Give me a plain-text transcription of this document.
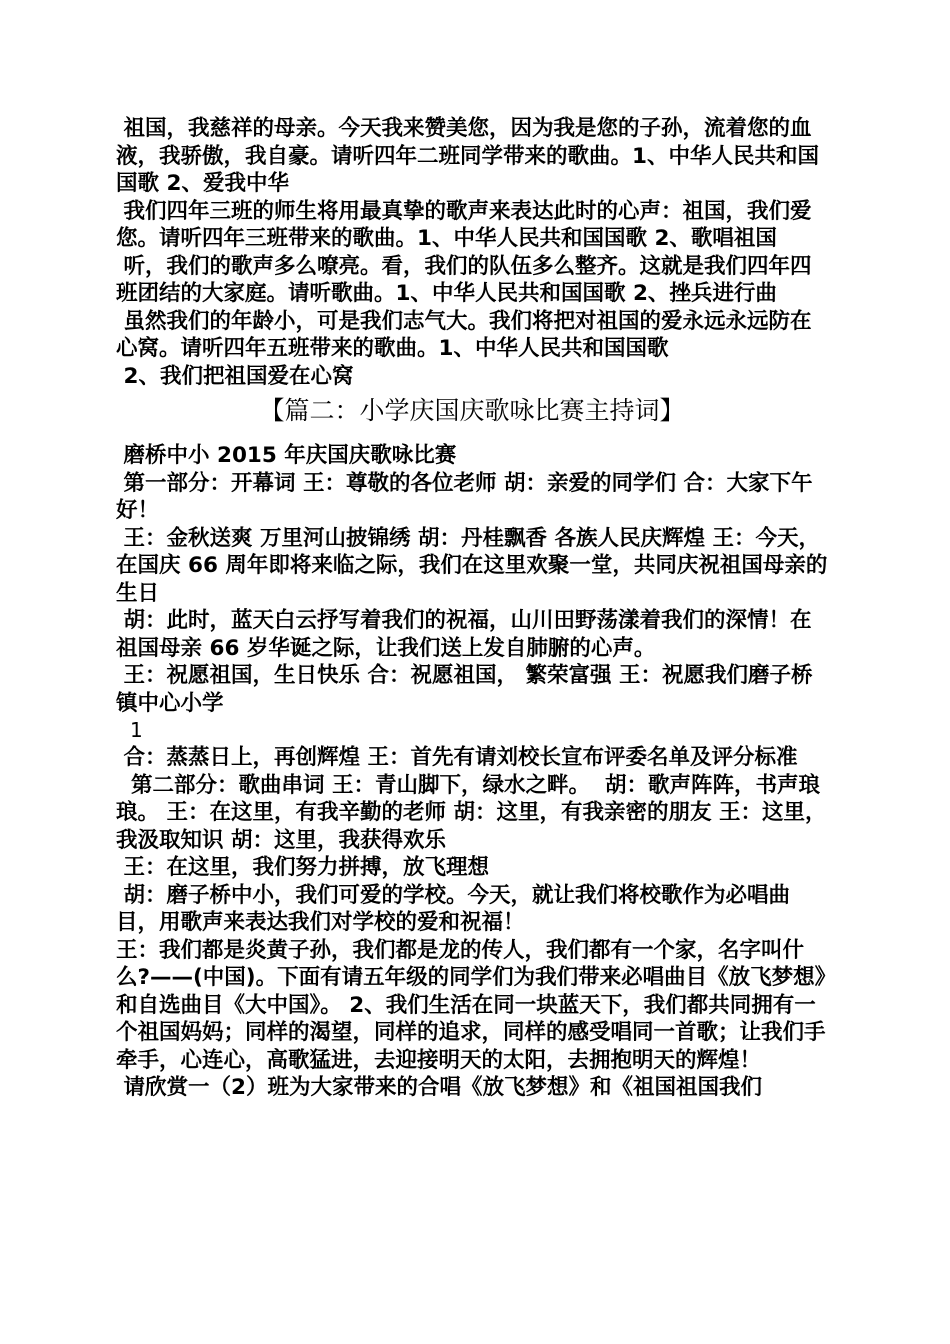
祖国，我慈祥的母亲。今天我来赞美您，因为我是您的子孙，流着您的血液，我骄傲，我自豪。请听四年二班同学带来的歌曲。1、中华人民共和国国歌 2、爱我中华

我们四年三班的师生将用最真挚的歌声来表达此时的心声：祖国，我们爱您。请听四年三班带来的歌曲。1、中华人民共和国国歌 2、歌唱祖国

听，我们的歌声多么嘹亮。看，我们的队伍多么整齐。这就是我们四年四班团结的大家庭。请听歌曲。1、中华人民共和国国歌 2、挫兵进行曲

虽然我们的年龄小，可是我们志气大。我们将把对祖国的爱永远永远防在心窝。请听四年五班带来的歌曲。1、中华人民共和国国歌

2、我们把祖国爱在心窝

【篇二：小学庆国庆歌咏比赛主持词】

磨桥中小 2015 年庆国庆歌咏比赛

第一部分：开幕词 王：尊敬的各位老师 胡：亲爱的同学们 合：大家下午好！

王：金秋送爽 万里河山披锦绣 胡：丹桂飘香 各族人民庆辉煌 王：今天，在国庆 66 周年即将来临之际，我们在这里欢聚一堂，共同庆祝祖国母亲的生日

胡：此时，蓝天白云抒写着我们的祝福，山川田野荡漾着我们的深情！在祖国母亲 66 岁华诞之际，让我们送上发自肺腑的心声。

王：祝愿祖国，生日快乐 合：祝愿祖国， 繁荣富强 王：祝愿我们磨子桥镇中心小学

1

合：蒸蒸日上，再创辉煌 王：首先有请刘校长宣布评委名单及评分标准

第二部分：歌曲串词 王：青山脚下，绿水之畔。  胡：歌声阵阵，书声琅琅。 王：在这里，有我辛勤的老师 胡：这里，有我亲密的朋友 王：这里，我汲取知识 胡：这里，我获得欢乐

王：在这里，我们努力拼搏，放飞理想

胡：磨子桥中小，我们可爱的学校。今天，就让我们将校歌作为必唱曲目，用歌声来表达我们对学校的爱和祝福！

王：我们都是炎黄子孙，我们都是龙的传人，我们都有一个家，名字叫什么?——(中国)。下面有请五年级的同学们为我们带来必唱曲目《放飞梦想》和自选曲目《大中国》。 2、我们生活在同一块蓝天下，我们都共同拥有一个祖国妈妈；同样的渴望，同样的追求，同样的感受唱同一首歌；让我们手牵手，心连心，高歌猛进，去迎接明天的太阳，去拥抱明天的辉煌！

请欣赏一（2）班为大家带来的合唱《放飞梦想》和《祖国祖国我们
